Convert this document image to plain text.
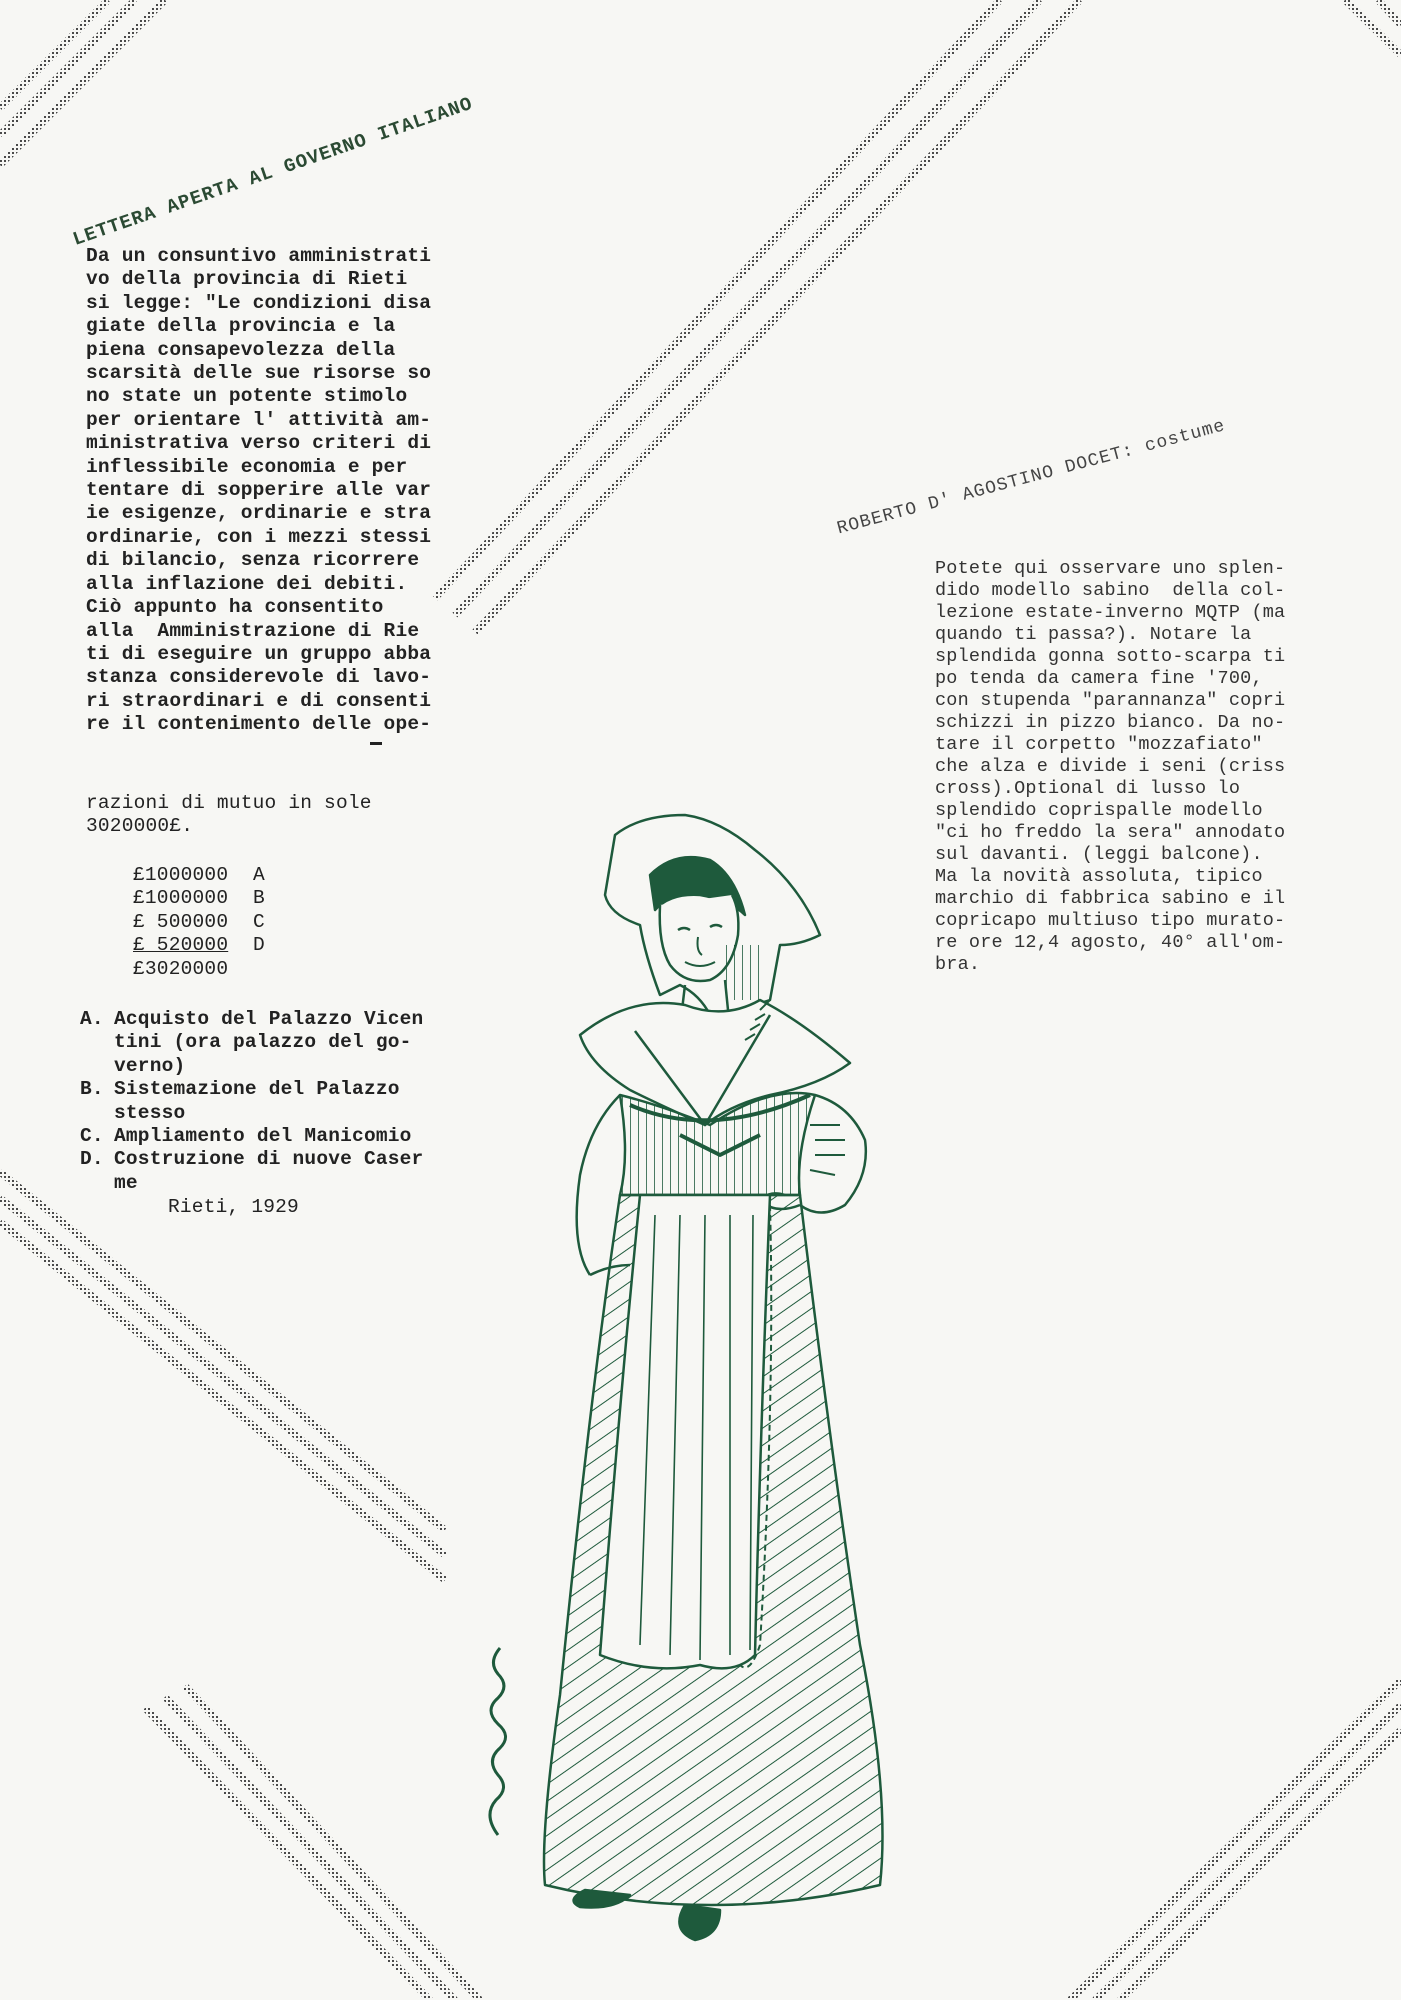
LETTERA APERTA AL GOVERNO ITALIANO
ROBERTO D' AGOSTINO DOCET: costume
Da un consuntivo amministrati
vo della provincia di Rieti
si legge: "Le condizioni disa
giate della provincia e la
piena consapevolezza della
scarsità delle sue risorse so
no state un potente stimolo
per orientare l' attività am-
ministrativa verso criteri di
inflessibile economia e per
tentare di sopperire alle var
ie esigenze, ordinarie e stra
ordinarie, con i mezzi stessi
di bilancio, senza ricorrere
alla inflazione dei debiti.
Ciò appunto ha consentito
alla  Amministrazione di Rie
ti di eseguire un gruppo abba
stanza considerevole di lavo-
ri straordinari e di consenti
re il contenimento delle ope-
razioni di mutuo in sole
3020000£.
£1000000	A
£1000000	B
£ 500000	C
£ 520000	D
£3020000
A. Acquisto del Palazzo Vicen
tini (ora palazzo del go-
verno)
B. Sistemazione del Palazzo
stesso
C. Ampliamento del Manicomio
D. Costruzione di nuove Caser
me
Rieti, 1929
Potete qui osservare uno splen-
dido modello sabino  della col-
lezione estate-inverno MQTP (ma
quando ti passa?). Notare la
splendida gonna sotto-scarpa ti
po tenda da camera fine '700,
con stupenda "parannanza" copri
schizzi in pizzo bianco. Da no-
tare il corpetto "mozzafiato"
che alza e divide i seni (criss
cross).Optional di lusso lo
splendido coprispalle modello
"ci ho freddo la sera" annodato
sul davanti. (leggi balcone).
Ma la novità assoluta, tipico
marchio di fabbrica sabino e il
copricapo multiuso tipo murato-
re ore 12,4 agosto, 40° all'om-
bra.
